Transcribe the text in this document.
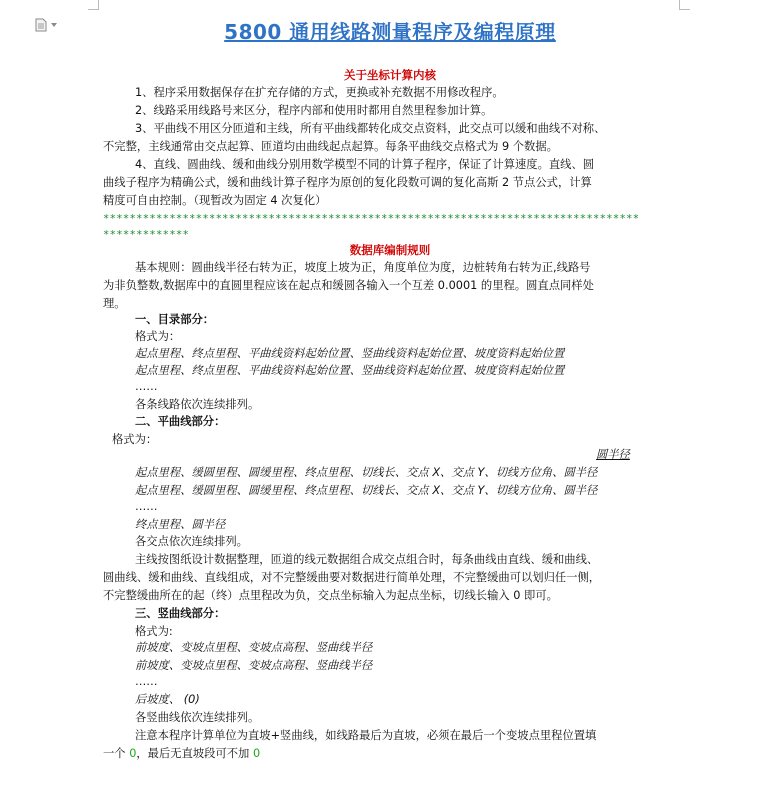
5800 通用线路测量程序及编程原理
关于坐标计算内核
1、程序采用数据保存在扩充存储的方式，更换或补充数据不用修改程序。
2、线路采用线路号来区分，程序内部和使用时都用自然里程参加计算。
3、平曲线不用区分匝道和主线，所有平曲线都转化成交点资料，此交点可以缓和曲线不对称、
不完整，主线通常由交点起算、匝道均由曲线起点起算。每条平曲线交点格式为 9 个数据。
4、直线、圆曲线、缓和曲线分别用数学模型不同的计算子程序，保证了计算速度。直线、圆
曲线子程序为精确公式，缓和曲线计算子程序为原创的复化段数可调的复化高斯 2 节点公式，计算
精度可自由控制。（现暂改为固定 4 次复化）
*********************************************************************************
*************
数据库编制规则
基本规则：圆曲线半径右转为正，坡度上坡为正，角度单位为度，边桩转角右转为正,线路号
为非负整数,数据库中的直圆里程应该在起点和缓圆各输入一个互差 0.0001 的里程。圆直点同样处
理。
一、目录部分：
格式为：
起点里程、终点里程、平曲线资料起始位置、竖曲线资料起始位置、坡度资料起始位置
起点里程、终点里程、平曲线资料起始位置、竖曲线资料起始位置、坡度资料起始位置
……
各条线路依次连续排列。
二、平曲线部分：
格式为：
圆半径
起点里程、缓圆里程、圆缓里程、终点里程、切线长、交点 X、交点 Y、切线方位角、圆半径
起点里程、缓圆里程、圆缓里程、终点里程、切线长、交点 X、交点 Y、切线方位角、圆半径
……
终点里程、圆半径
各交点依次连续排列。
主线按图纸设计数据整理，匝道的线元数据组合成交点组合时，每条曲线由直线、缓和曲线、
圆曲线、缓和曲线、直线组成，对不完整缓曲要对数据进行简单处理，不完整缓曲可以划归任一侧，
不完整缓曲所在的起（终）点里程改为负，交点坐标输入为起点坐标，切线长输入 0 即可。
三、竖曲线部分：
格式为:
前坡度、变坡点里程、变坡点高程、竖曲线半径
前坡度、变坡点里程、变坡点高程、竖曲线半径
……
后坡度、 (0)
各竖曲线依次连续排列。
注意本程序计算单位为直坡+竖曲线，如线路最后为直坡，必须在最后一个变坡点里程位置填
一个 0，最后无直坡段可不加 0
